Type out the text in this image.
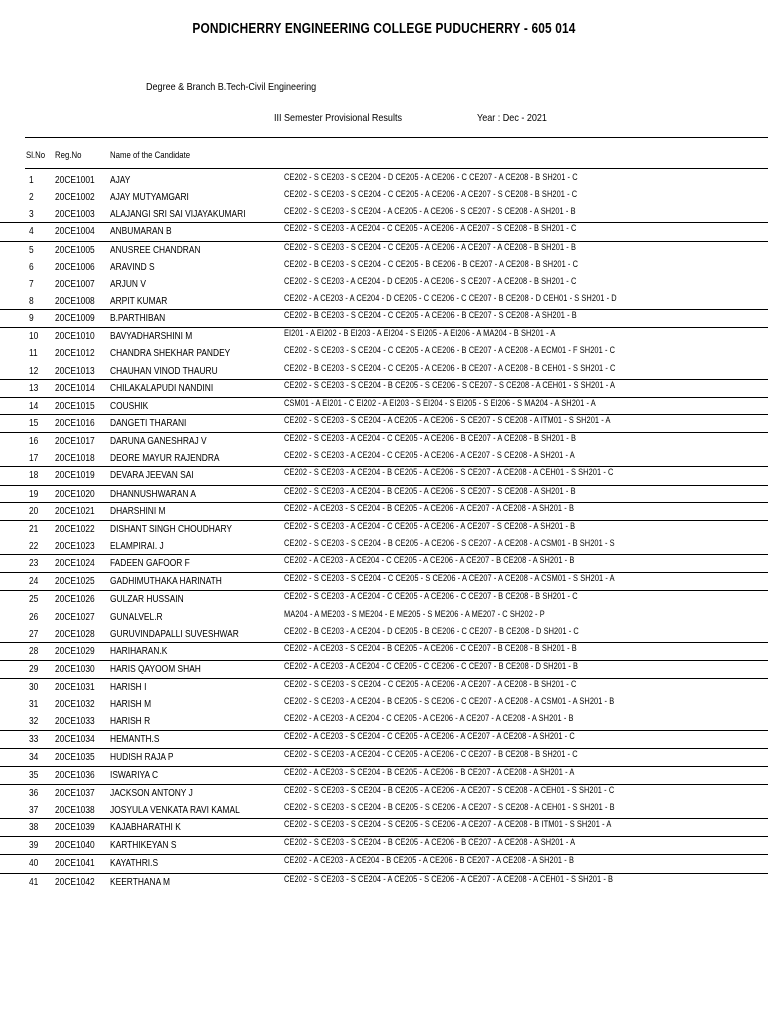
PONDICHERRY ENGINEERING COLLEGE PUDUCHERRY - 605 014
Degree & Branch B.Tech-Civil Engineering
III Semester Provisional Results	Year : Dec - 2021
Sl.No Reg.No	Name of the Candidate
1 20CE1001 AJAY	CE202 - S CE203 - S CE204 - D CE205 - A CE206 - C CE207 - A CE208 - B SH201 - C
2 20CE1002 AJAY MUTYAMGARI	CE202 - S CE203 - S CE204 - C CE205 - A CE206 - A CE207 - S CE208 - B SH201 - C
3 20CE1003 ALAJANGI SRI SAI VIJAYAKUMARI	CE202 - S CE203 - S CE204 - A CE205 - A CE206 - S CE207 - S CE208 - A SH201 - B
4 20CE1004 ANBUMARAN B	CE202 - S CE203 - A CE204 - C CE205 - A CE206 - A CE207 - S CE208 - B SH201 - C
5 20CE1005 ANUSREE CHANDRAN	CE202 - S CE203 - S CE204 - C CE205 - A CE206 - A CE207 - A CE208 - B SH201 - B
6 20CE1006 ARAVIND S	CE202 - B CE203 - S CE204 - C CE205 - B CE206 - B CE207 - A CE208 - B SH201 - C
7 20CE1007 ARJUN V	CE202 - S CE203 - A CE204 - D CE205 - A CE206 - S CE207 - A CE208 - B SH201 - C
8 20CE1008 ARPIT KUMAR	CE202 - A CE203 - A CE204 - D CE205 - C CE206 - C CE207 - B CE208 - D CEH01 - S SH201 - D
9 20CE1009 B.PARTHIBAN	CE202 - B CE203 - S CE204 - C CE205 - A CE206 - B CE207 - S CE208 - A SH201 - B
10 20CE1010 BAVYADHARSHINI M	EI201 - A EI202 - B EI203 - A EI204 - S EI205 - A EI206 - A MA204 - B SH201 - A
11 20CE1012 CHANDRA SHEKHAR PANDEY	CE202 - S CE203 - S CE204 - C CE205 - A CE206 - B CE207 - A CE208 - A ECM01 - F SH201 - C
12 20CE1013 CHAUHAN VINOD THAURU	CE202 - B CE203 - S CE204 - C CE205 - A CE206 - B CE207 - A CE208 - B CEH01 - S SH201 - C
13 20CE1014 CHILAKALAPUDI NANDINI	CE202 - S CE203 - S CE204 - B CE205 - S CE206 - S CE207 - S CE208 - A CEH01 - S SH201 - A
14 20CE1015 COUSHIK	CSM01 - A EI201 - C EI202 - A EI203 - S EI204 - S EI205 - S EI206 - S MA204 - A SH201 - A
15 20CE1016 DANGETI THARANI	CE202 - S CE203 - S CE204 - A CE205 - A CE206 - S CE207 - S CE208 - A ITM01 - S SH201 - A
16 20CE1017 DARUNA GANESHRAJ V	CE202 - S CE203 - A CE204 - C CE205 - A CE206 - B CE207 - A CE208 - B SH201 - B
17 20CE1018 DEORE MAYUR RAJENDRA	CE202 - S CE203 - A CE204 - C CE205 - A CE206 - A CE207 - S CE208 - A SH201 - A
18 20CE1019 DEVARA JEEVAN SAI	CE202 - S CE203 - A CE204 - B CE205 - A CE206 - S CE207 - A CE208 - A CEH01 - S SH201 - C
19 20CE1020 DHANNUSHWARAN A	CE202 - S CE203 - A CE204 - B CE205 - A CE206 - S CE207 - S CE208 - A SH201 - B
20 20CE1021 DHARSHINI M	CE202 - A CE203 - S CE204 - B CE205 - A CE206 - A CE207 - A CE208 - A SH201 - B
21 20CE1022 DISHANT SINGH CHOUDHARY	CE202 - S CE203 - A CE204 - C CE205 - A CE206 - A CE207 - S CE208 - A SH201 - B
22 20CE1023 ELAMPIRAI. J	CE202 - S CE203 - S CE204 - B CE205 - A CE206 - S CE207 - A CE208 - A CSM01 - B SH201 - S
23 20CE1024 FADEEN GAFOOR F	CE202 - A CE203 - A CE204 - C CE205 - A CE206 - A CE207 - B CE208 - A SH201 - B
24 20CE1025 GADHIMUTHAKA HARINATH	CE202 - S CE203 - S CE204 - C CE205 - S CE206 - A CE207 - A CE208 - A CSM01 - S SH201 - A
25 20CE1026 GULZAR HUSSAIN	CE202 - S CE203 - A CE204 - C CE205 - A CE206 - C CE207 - B CE208 - B SH201 - C
26 20CE1027 GUNALVEL.R	MA204 - A ME203 - S ME204 - E ME205 - S ME206 - A ME207 - C SH202 - P
27 20CE1028 GURUVINDAPALLI SUVESHWAR	CE202 - B CE203 - A CE204 - D CE205 - B CE206 - C CE207 - B CE208 - D SH201 - C
28 20CE1029 HARIHARAN.K	CE202 - A CE203 - S CE204 - B CE205 - A CE206 - C CE207 - B CE208 - B SH201 - B
29 20CE1030 HARIS QAYOOM SHAH	CE202 - A CE203 - A CE204 - C CE205 - C CE206 - C CE207 - B CE208 - D SH201 - B
30 20CE1031 HARISH I	CE202 - S CE203 - S CE204 - C CE205 - A CE206 - A CE207 - A CE208 - B SH201 - C
31 20CE1032 HARISH M	CE202 - S CE203 - A CE204 - B CE205 - S CE206 - C CE207 - A CE208 - A CSM01 - A SH201 - B
32 20CE1033 HARISH R	CE202 - A CE203 - A CE204 - C CE205 - A CE206 - A CE207 - A CE208 - A SH201 - B
33 20CE1034 HEMANTH.S	CE202 - A CE203 - S CE204 - C CE205 - A CE206 - A CE207 - A CE208 - A SH201 - C
34 20CE1035 HUDISH RAJA P	CE202 - S CE203 - A CE204 - C CE205 - A CE206 - C CE207 - B CE208 - B SH201 - C
35 20CE1036 ISWARIYA C	CE202 - A CE203 - S CE204 - B CE205 - A CE206 - B CE207 - A CE208 - A SH201 - A
36 20CE1037 JACKSON ANTONY J	CE202 - S CE203 - S CE204 - B CE205 - A CE206 - A CE207 - S CE208 - A CEH01 - S SH201 - C
37 20CE1038 JOSYULA VENKATA RAVI KAMAL	CE202 - S CE203 - S CE204 - B CE205 - S CE206 - A CE207 - S CE208 - A CEH01 - S SH201 - B
38 20CE1039 KAJABHARATHI K	CE202 - S CE203 - S CE204 - S CE205 - S CE206 - A CE207 - A CE208 - B ITM01 - S SH201 - A
39 20CE1040 KARTHIKEYAN S	CE202 - S CE203 - S CE204 - B CE205 - A CE206 - B CE207 - A CE208 - A SH201 - A
40 20CE1041 KAYATHRI.S	CE202 - A CE203 - A CE204 - B CE205 - A CE206 - B CE207 - A CE208 - A SH201 - B
41 20CE1042 KEERTHANA M	CE202 - S CE203 - S CE204 - A CE205 - S CE206 - A CE207 - A CE208 - A CEH01 - S SH201 - B
